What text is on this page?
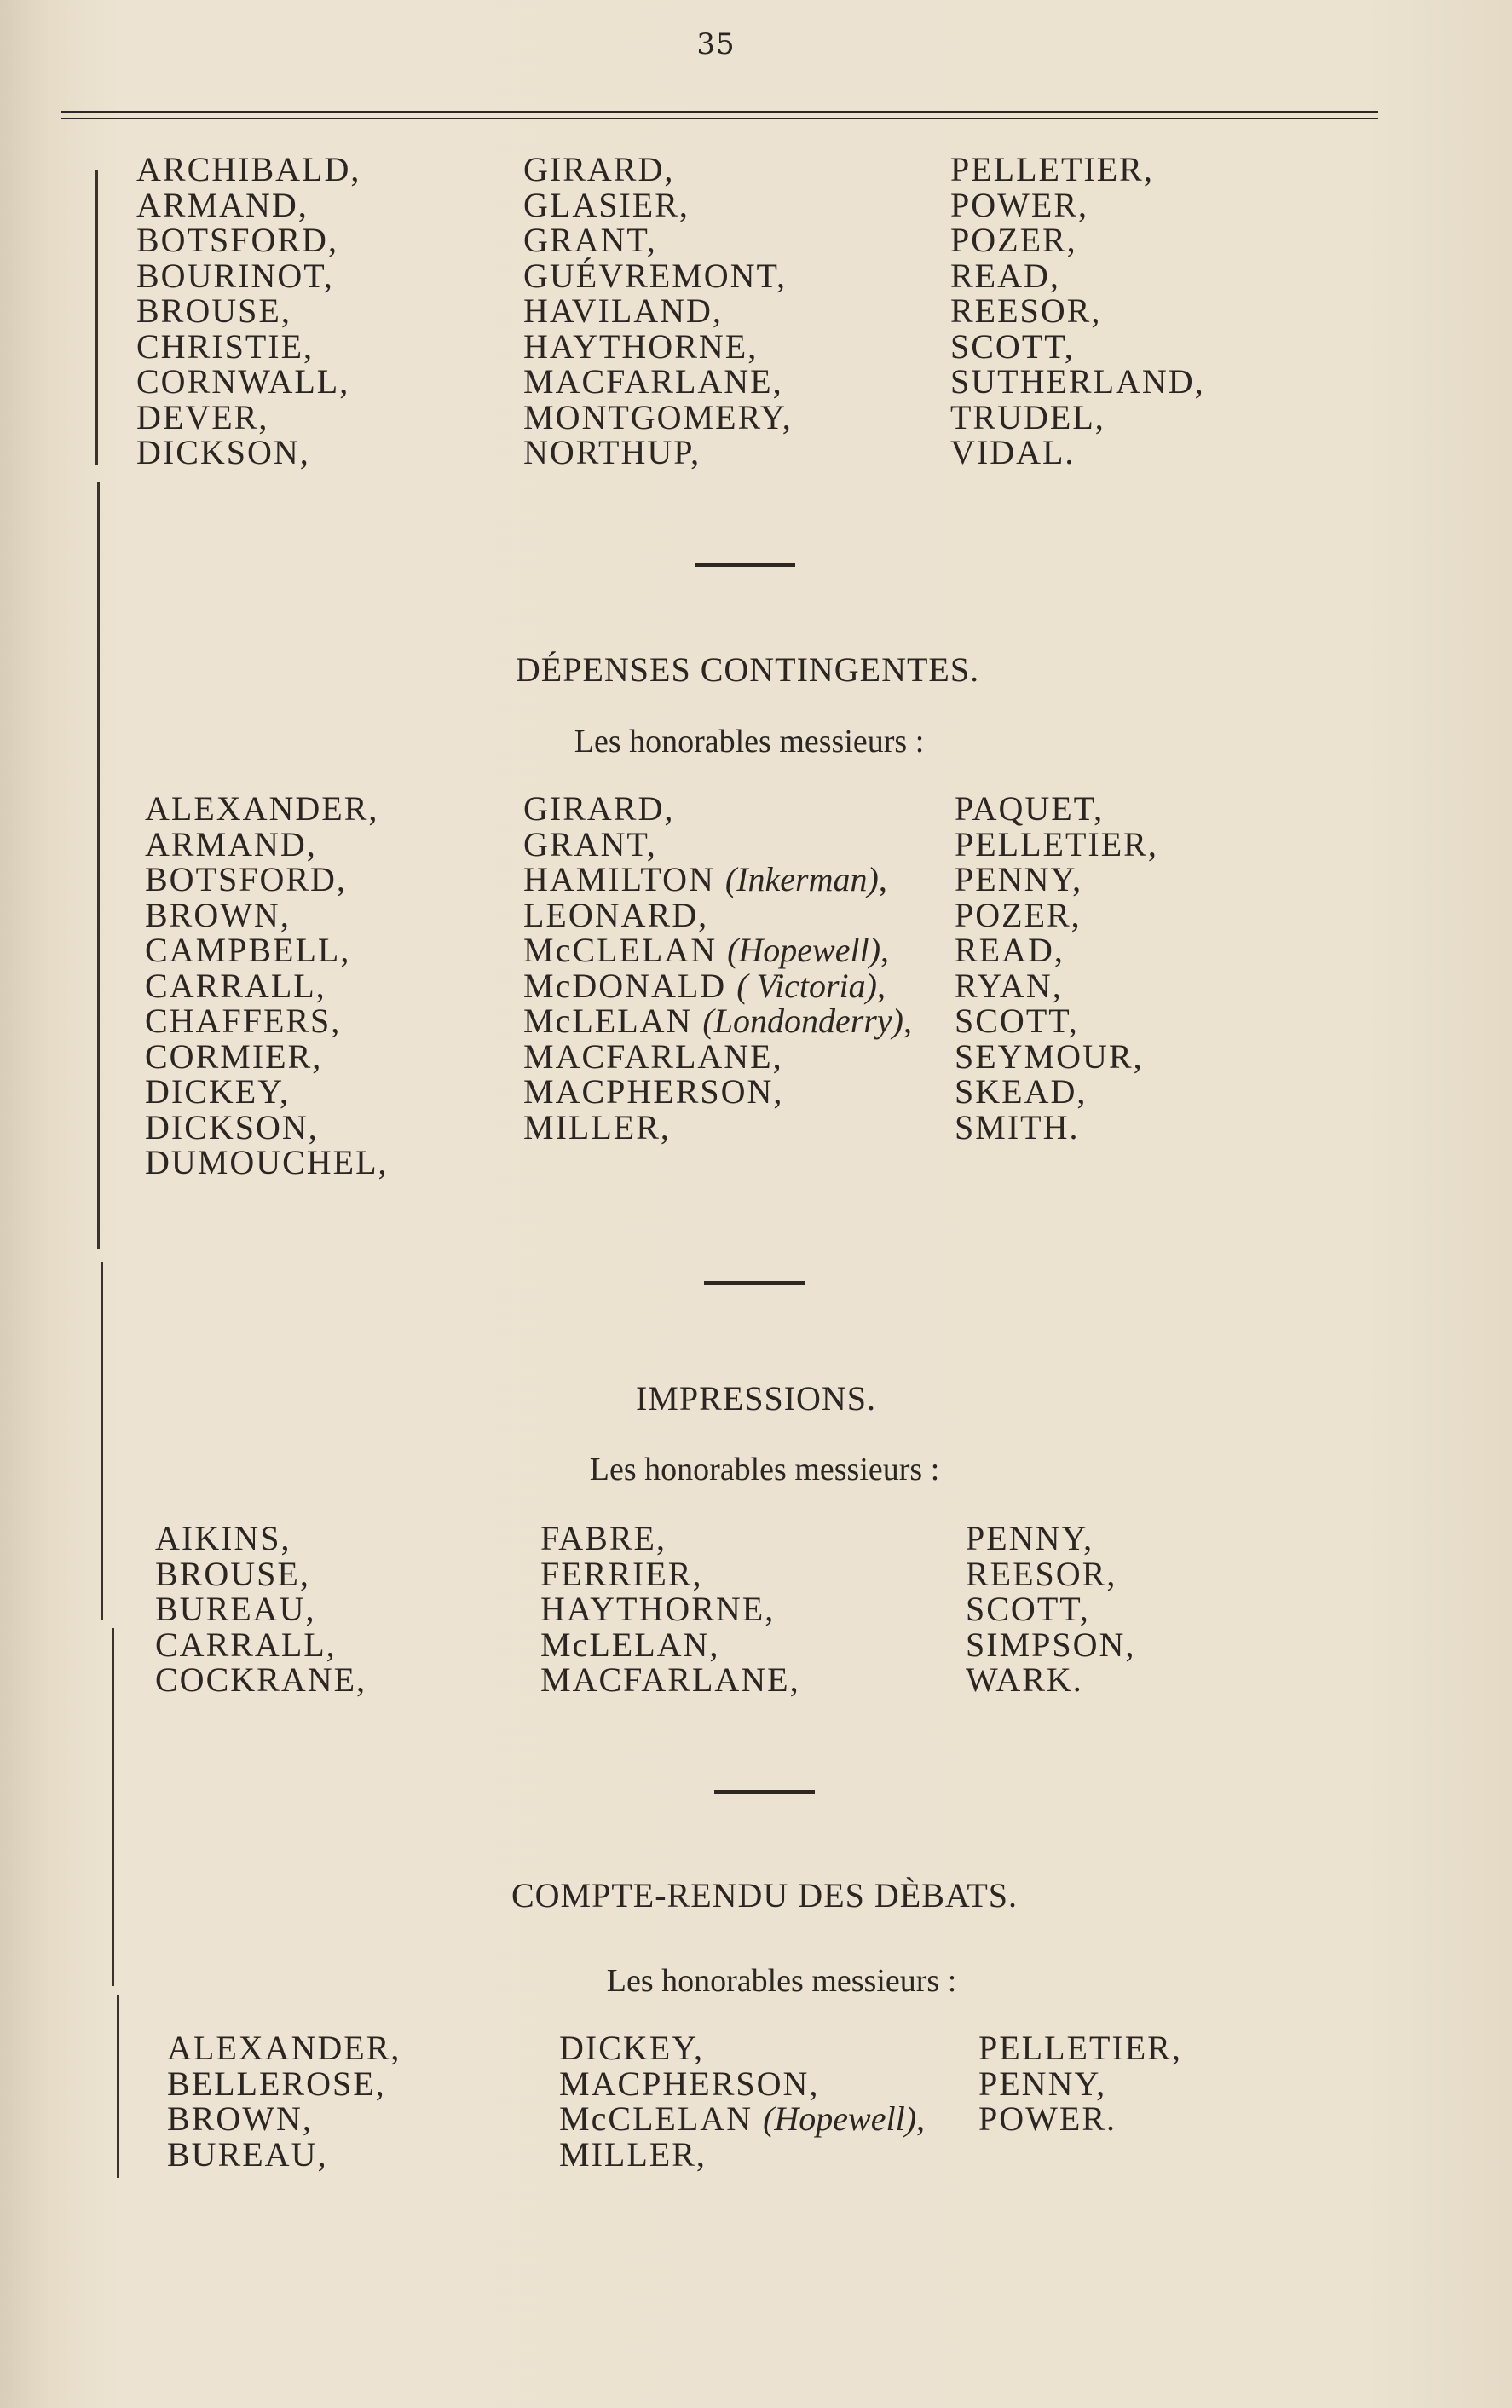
35
ARCHIBALD,
ARMAND,
BOTSFORD,
BOURINOT,
BROUSE,
CHRISTIE,
CORNWALL,
DEVER,
DICKSON,
GIRARD,
GLASIER,
GRANT,
GUÉVREMONT,
HAVILAND,
HAYTHORNE,
MACFARLANE,
MONTGOMERY,
NORTHUP,
PELLETIER,
POWER,
POZER,
READ,
REESOR,
SCOTT,
SUTHERLAND,
TRUDEL,
VIDAL.
DÉPENSES CONTINGENTES.
Les honorables messieurs :
ALEXANDER,
ARMAND,
BOTSFORD,
BROWN,
CAMPBELL,
CARRALL,
CHAFFERS,
CORMIER,
DICKEY,
DICKSON,
DUMOUCHEL,
GIRARD,
GRANT,
HAMILTON (Inkerman),
LEONARD,
McCLELAN (Hopewell),
McDONALD ( Victoria),
McLELAN (Londonderry),
MACFARLANE,
MACPHERSON,
MILLER,
PAQUET,
PELLETIER,
PENNY,
POZER,
READ,
RYAN,
SCOTT,
SEYMOUR,
SKEAD,
SMITH.
IMPRESSIONS.
Les honorables messieurs :
AIKINS,
BROUSE,
BUREAU,
CARRALL,
COCKRANE,
FABRE,
FERRIER,
HAYTHORNE,
McLELAN,
MACFARLANE,
PENNY,
REESOR,
SCOTT,
SIMPSON,
WARK.
COMPTE-RENDU DES DÈBATS.
Les honorables messieurs :
ALEXANDER,
BELLEROSE,
BROWN,
BUREAU,
DICKEY,
MACPHERSON,
McCLELAN (Hopewell),
MILLER,
PELLETIER,
PENNY,
POWER.
